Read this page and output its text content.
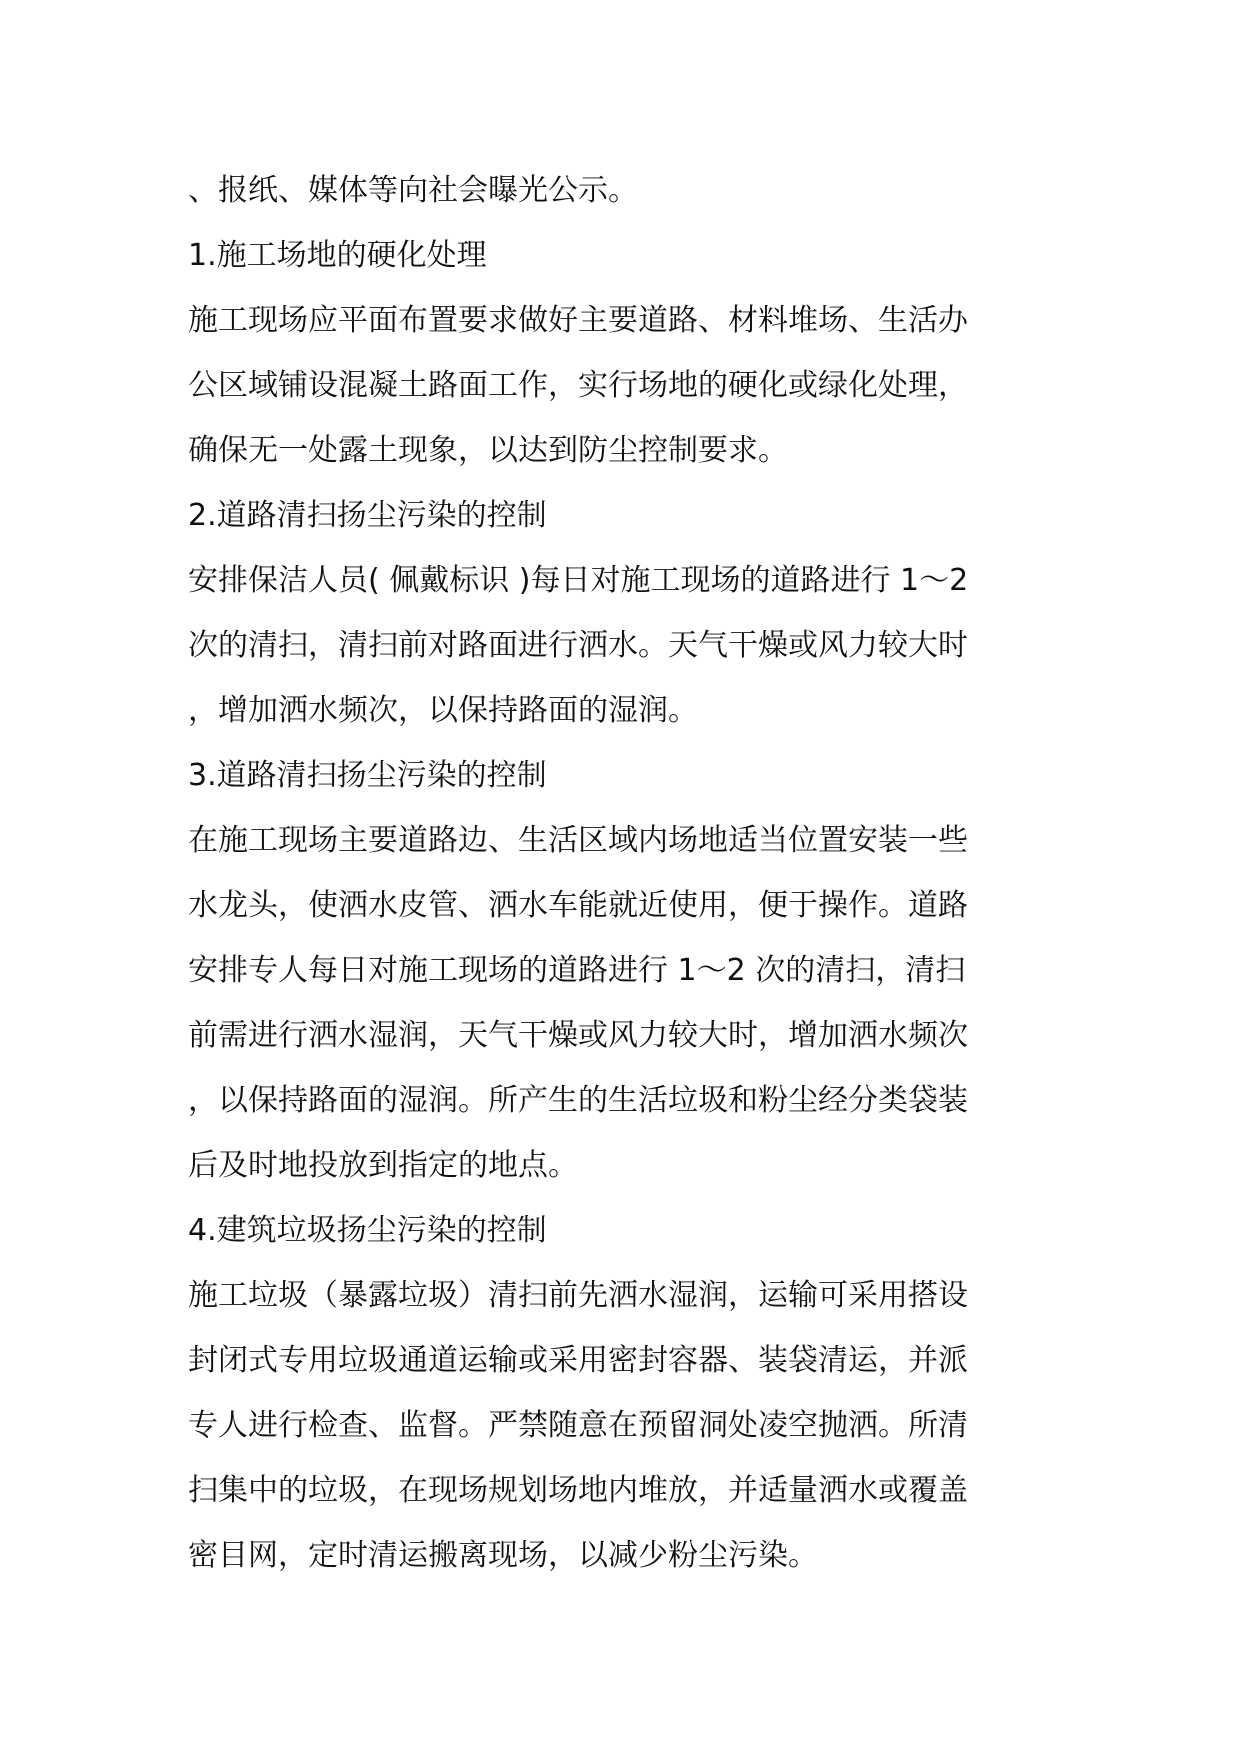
、报纸、媒体等向社会曝光公示。
1.施工场地的硬化处理
施工现场应平面布置要求做好主要道路、材料堆场、生活办
公区域铺设混凝土路面工作，实行场地的硬化或绿化处理，
确保无一处露土现象，以达到防尘控制要求。
2.道路清扫扬尘污染的控制
安排保洁人员( 佩戴标识 )每日对施工现场的道路进行 1～2
次的清扫，清扫前对路面进行洒水。天气干燥或风力较大时
，增加洒水频次，以保持路面的湿润。
3.道路清扫扬尘污染的控制
在施工现场主要道路边、生活区域内场地适当位置安装一些
水龙头，使洒水皮管、洒水车能就近使用，便于操作。道路
安排专人每日对施工现场的道路进行 1～2 次的清扫，清扫
前需进行洒水湿润，天气干燥或风力较大时，增加洒水频次
，以保持路面的湿润。所产生的生活垃圾和粉尘经分类袋装
后及时地投放到指定的地点。
4.建筑垃圾扬尘污染的控制
施工垃圾（暴露垃圾）清扫前先洒水湿润，运输可采用搭设
封闭式专用垃圾通道运输或采用密封容器、装袋清运，并派
专人进行检查、监督。严禁随意在预留洞处凌空抛洒。所清
扫集中的垃圾，在现场规划场地内堆放，并适量洒水或覆盖
密目网，定时清运搬离现场，以减少粉尘污染。
